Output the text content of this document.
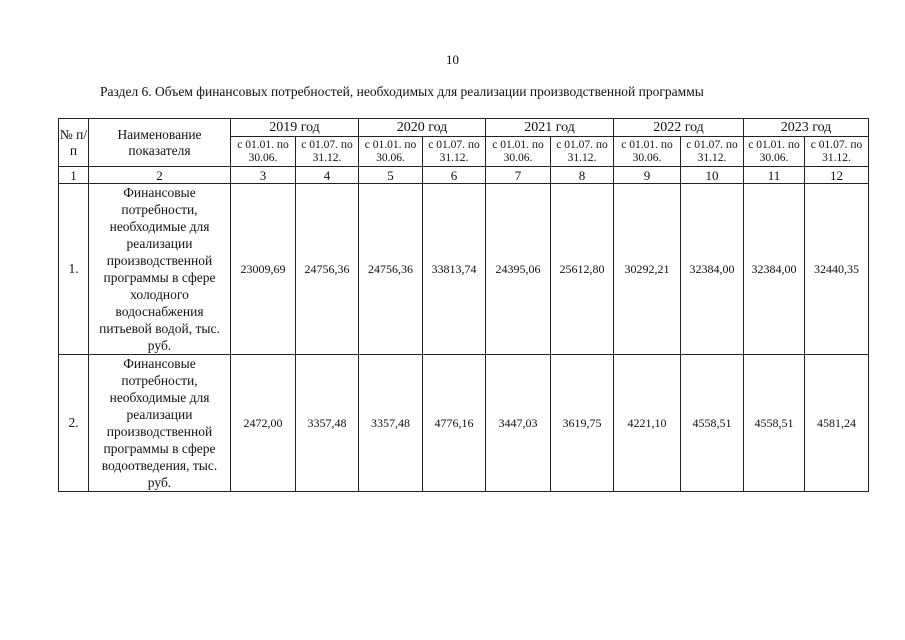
10
Раздел 6. Объем финансовых потребностей, необходимых для реализации производственной программы
№ п/п	Наименование показателя	2019 год		2020 год		2021 год		2022 год		2023 год	
		с 01.01. по 30.06.	с 01.07. по 31.12.	с 01.01. по 30.06.	с 01.07. по 31.12.	с 01.01. по 30.06.	с 01.07. по 31.12.	с 01.01. по 30.06.	с 01.07. по 31.12.	с 01.01. по 30.06.	с 01.07. по 31.12.
1	2	3	4	5	6	7	8	9	10	11	12
1.	Финансовые потребности, необходимые для реализации производственной программы в сфере холодного водоснабжения питьевой водой, тыс. руб.	23009,69	24756,36	24756,36	33813,74	24395,06	25612,80	30292,21	32384,00	32384,00	32440,35
2.	Финансовые потребности, необходимые для реализации производственной программы в сфере водоотведения, тыс. руб.	2472,00	3357,48	3357,48	4776,16	3447,03	3619,75	4221,10	4558,51	4558,51	4581,24
